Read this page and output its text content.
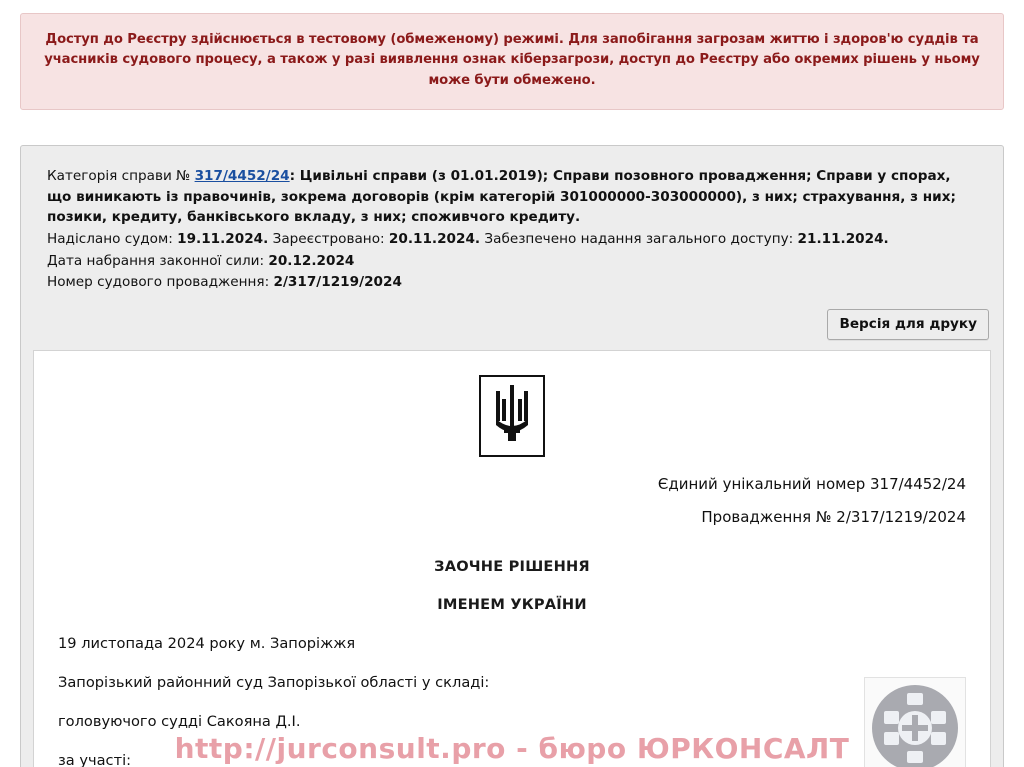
Доступ до Реєстру здійснюється в тестовому (обмеженому) режимі. Для запобігання загрозам життю і здоров'ю суддів та учасників судового процесу, а також у разі виявлення ознак кіберзагрози, доступ до Реєстру або окремих рішень у ньому може бути обмежено.

Категорія справи № 317/4452/24: Цивільні справи (з 01.01.2019); Справи позовного провадження; Справи у спорах, що виникають із правочинів, зокрема договорів (крім категорій 301000000-303000000), з них; страхування, з них; позики, кредиту, банківського вкладу, з них; споживчого кредиту.

Надіслано судом: 19.11.2024. Зареєстровано: 20.11.2024. Забезпечено надання загального доступу: 21.11.2024.

Дата набрання законної сили: 20.12.2024

Номер судового провадження: 2/317/1219/2024

Версія для друку
Єдиний унікальний номер 317/4452/24
Провадження № 2/317/1219/2024
ЗАОЧНЕ РІШЕННЯ
ІМЕНЕМ УКРАЇНИ
19 листопада 2024 року м. Запоріжжя
Запорізький районний суд Запорізької області у складі:
головуючого судді Сакояна Д.І.
за участі:	http://jurconsult.pro - бюро ЮРКОНСАЛТ
